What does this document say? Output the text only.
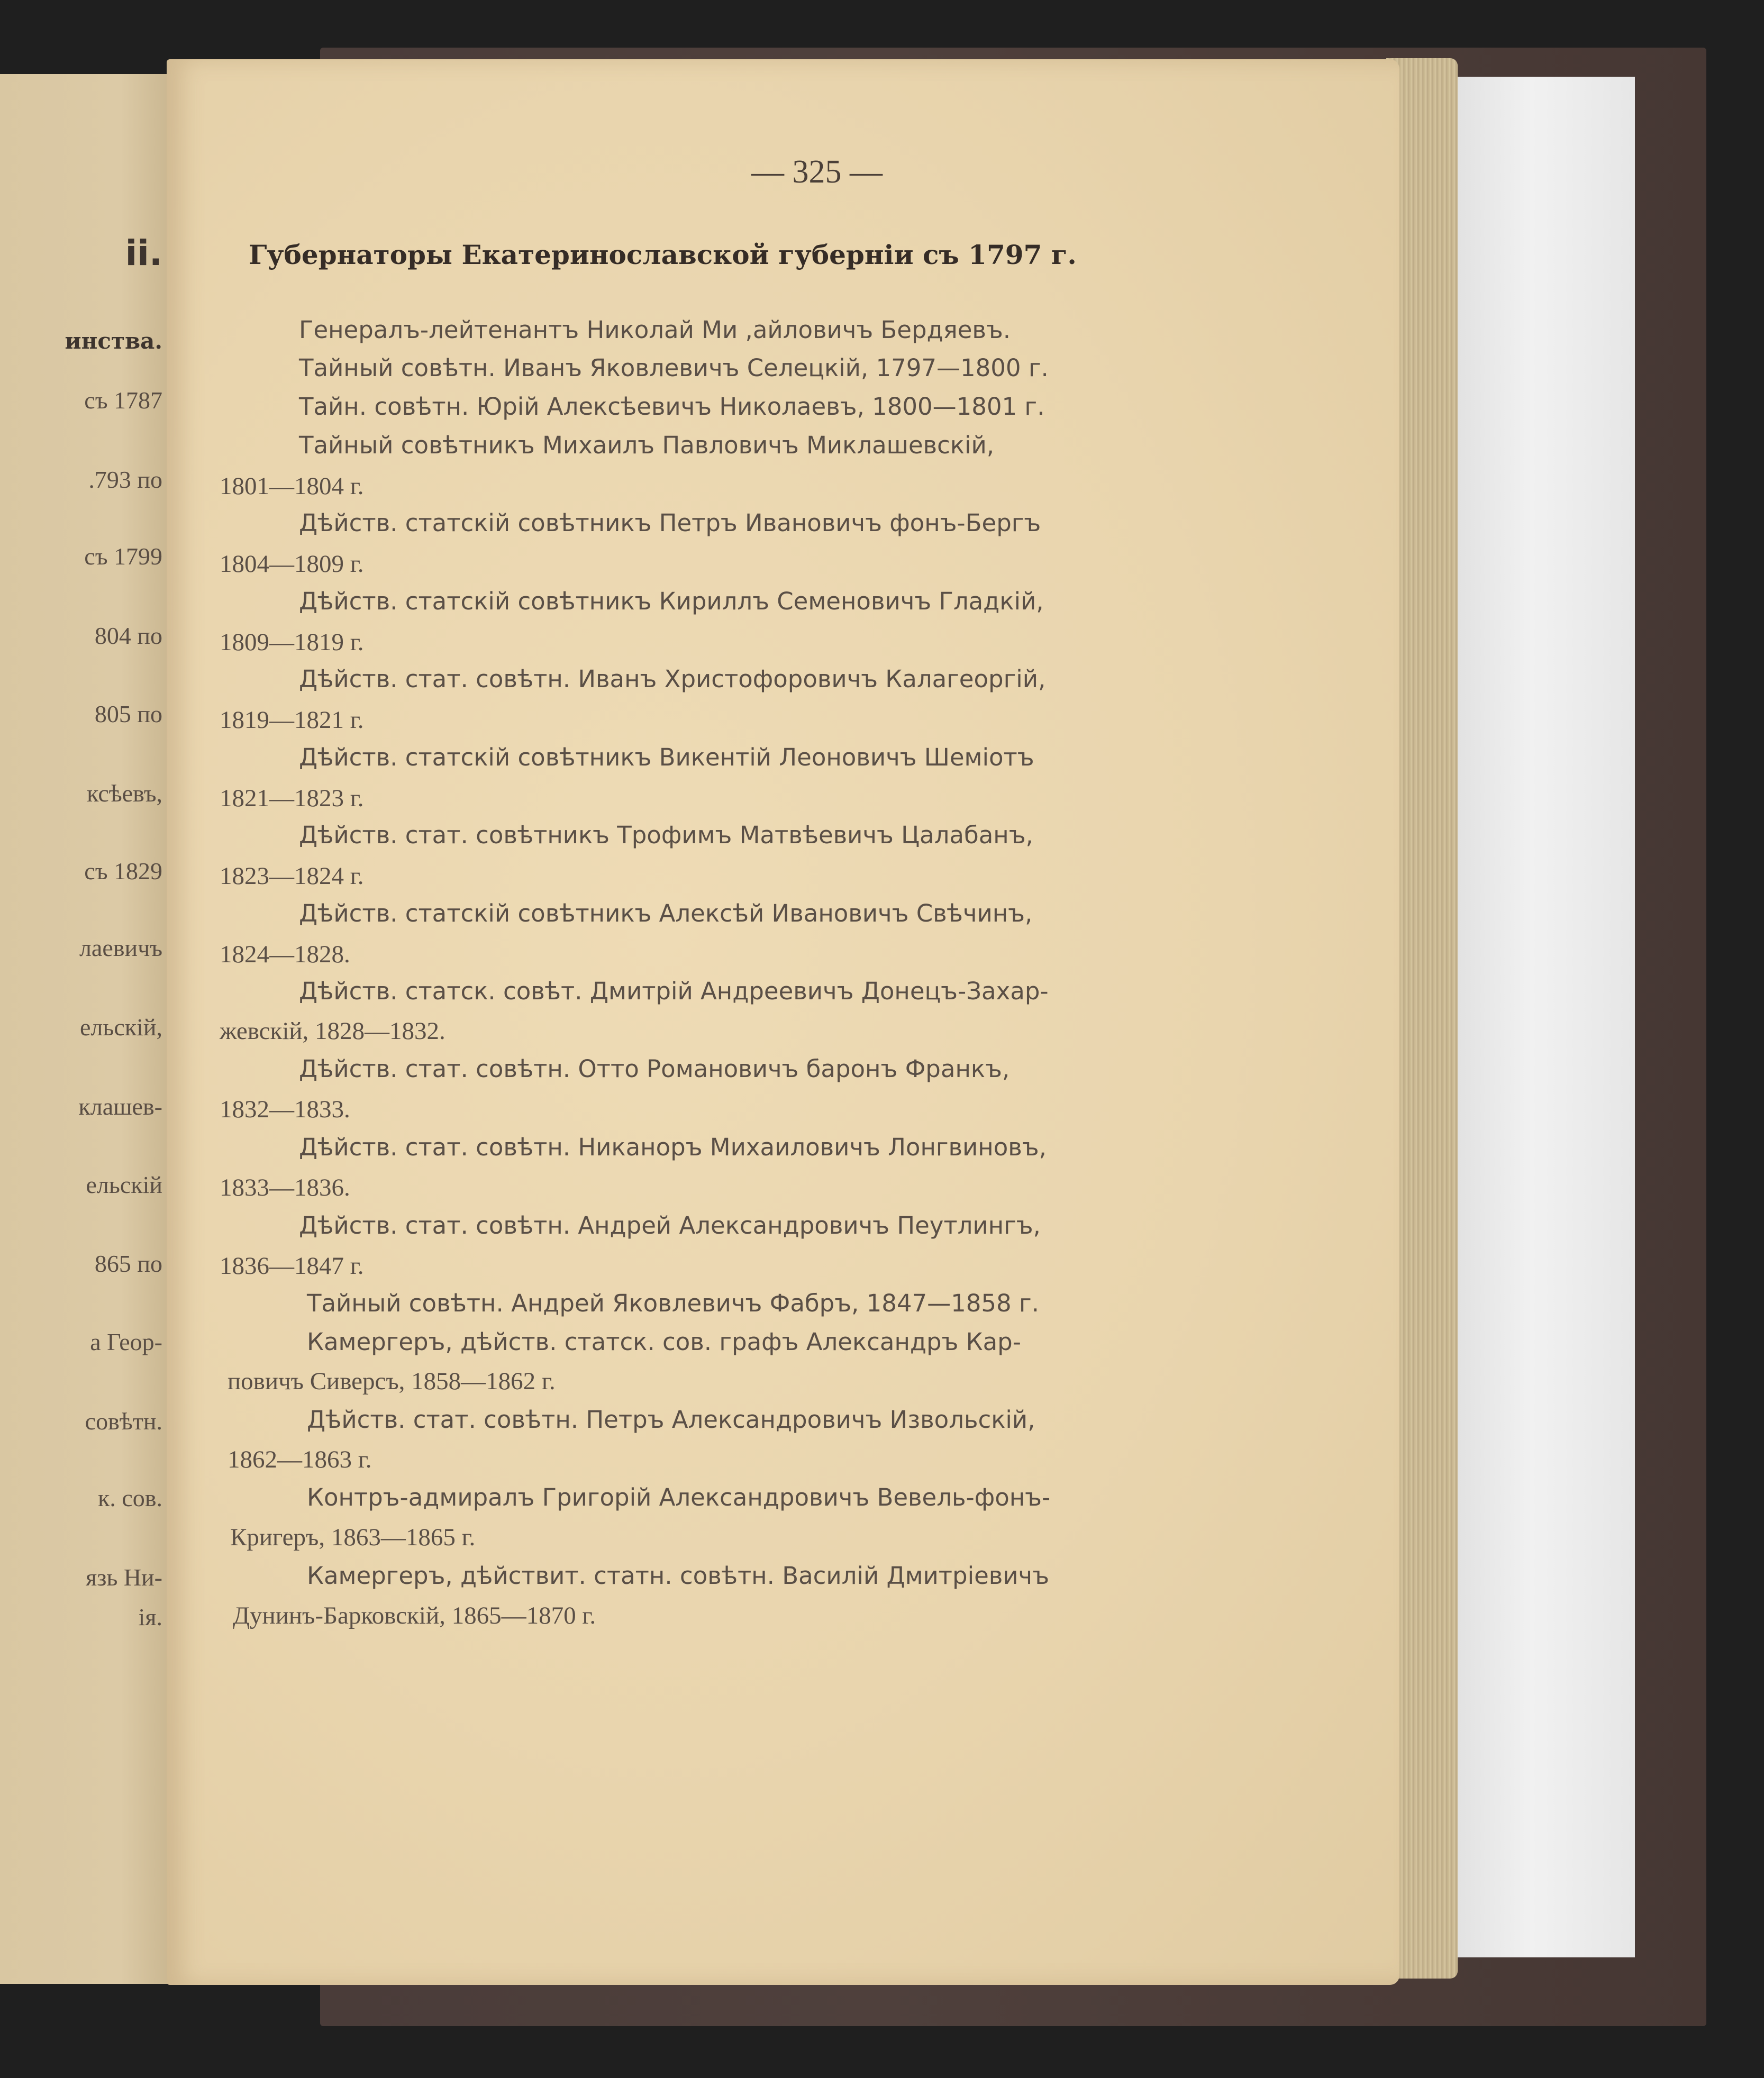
ii.
инства.
съ 1787
.793 по
съ 1799
804 по
805 по
ксѣевъ,
съ 1829
лаевичъ
ельскій,
клашев-
ельскій
865 по
а Геор-
совѣтн.
к. сов.
язь Ни-
ія.
— 325 —
Губернаторы Екатеринославской губерніи съ 1797 г.
Генералъ-лейтенантъ Николай Ми ,айловичъ Бердяевъ.
Тайный совѣтн. Иванъ Яковлевичъ Селецкій, 1797—1800 г.
Тайн. совѣтн. Юрій Алексѣевичъ Николаевъ, 1800—1801 г.
Тайный совѣтникъ Михаилъ Павловичъ Миклашевскій,
1801—1804 г.
Дѣйств. статскій совѣтникъ Петръ Ивановичъ фонъ-Бергъ
1804—1809 г.
Дѣйств. статскій совѣтникъ Кириллъ Семеновичъ Гладкій,
1809—1819 г.
Дѣйств. стат. совѣтн. Иванъ Христофоровичъ Калагеоргій,
1819—1821 г.
Дѣйств. статскій совѣтникъ Викентій Леоновичъ Шеміотъ
1821—1823 г.
Дѣйств. стат. совѣтникъ Трофимъ Матвѣевичъ Цалабанъ,
1823—1824 г.
Дѣйств. статскій совѣтникъ Алексѣй Ивановичъ Свѣчинъ,
1824—1828.
Дѣйств. статск. совѣт. Дмитрій Андреевичъ Донецъ-Захар-
жевскій, 1828—1832.
Дѣйств. стат. совѣтн. Отто Романовичъ баронъ Франкъ,
1832—1833.
Дѣйств. стат. совѣтн. Никаноръ Михаиловичъ Лонгвиновъ,
1833—1836.
Дѣйств. стат. совѣтн. Андрей Александровичъ Пеутлингъ,
1836—1847 г.
Тайный совѣтн. Андрей Яковлевичъ Фабръ, 1847—1858 г.
Камергеръ, дѣйств. статск. сов. графъ Александръ Кар-
повичъ Сиверсъ, 1858—1862 г.
Дѣйств. стат. совѣтн. Петръ Александровичъ Извольскій,
1862—1863 г.
Контръ-адмиралъ Григорій Александровичъ Вевель-фонъ-
Кригеръ, 1863—1865 г.
Камергеръ, дѣйствит. статн. совѣтн. Василій Дмитріевичъ
Дунинъ-Барковскій, 1865—1870 г.
